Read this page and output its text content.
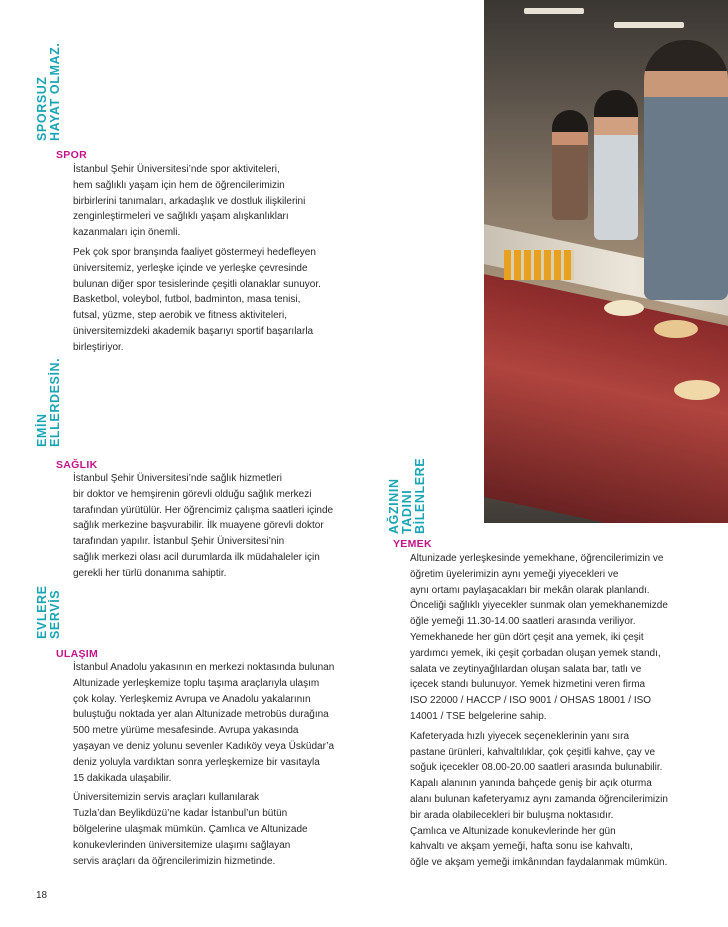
SPORSUZ HAYAT OLMAZ.
EMİN ELLERDESİN.
EVLERE SERVİS
AĞZININ TADINI BİLENLERE
SPOR

İstanbul Şehir Üniversitesi’nde spor aktiviteleri,
hem sağlıklı yaşam için hem de öğrencilerimizin
birbirlerini tanımaları, arkadaşlık ve dostluk ilişkilerini
zenginleştirmeleri ve sağlıklı yaşam alışkanlıkları
kazanmaları için önemli.

Pek çok spor branşında faaliyet göstermeyi hedefleyen
üniversitemiz, yerleşke içinde ve yerleşke çevresinde
bulunan diğer spor tesislerinde çeşitli olanaklar sunuyor.
Basketbol, voleybol, futbol, badminton, masa tenisi,
futsal, yüzme, step aerobik ve fitness aktiviteleri,
üniversitemizdeki akademik başarıyı sportif başarılarla
birleştiriyor.

SAĞLIK

İstanbul Şehir Üniversitesi’nde sağlık hizmetleri
bir doktor ve hemşirenin görevli olduğu sağlık merkezi
tarafından yürütülür. Her öğrencimiz çalışma saatleri içinde
sağlık merkezine başvurabilir. İlk muayene görevli doktor
tarafından yapılır. İstanbul Şehir Üniversitesi’nin
sağlık merkezi olası acil durumlarda ilk müdahaleler için
gerekli her türlü donanıma sahiptir.

ULAŞIM

İstanbul Anadolu yakasının en merkezi noktasında bulunan
Altunizade yerleşkemize toplu taşıma araçlarıyla ulaşım
çok kolay. Yerleşkemiz Avrupa ve Anadolu yakalarının
buluştuğu noktada yer alan Altunizade metrobüs durağına
500 metre yürüme mesafesinde. Avrupa yakasında
yaşayan ve deniz yolunu sevenler Kadıköy veya Üsküdar’a
deniz yoluyla vardıktan sonra yerleşkemize bir vasıtayla
15 dakikada ulaşabilir.

Üniversitemizin servis araçları kullanılarak
Tuzla’dan Beylikdüzü’ne kadar İstanbul’un bütün
bölgelerine ulaşmak mümkün. Çamlıca ve Altunizade
konukevlerinden üniversitemize ulaşımı sağlayan
servis araçları da öğrencilerimizin hizmetinde.

YEMEK

Altunizade yerleşkesinde yemekhane, öğrencilerimizin ve
öğretim üyelerimizin aynı yemeği yiyecekleri ve
aynı ortamı paylaşacakları bir mekân olarak planlandı.
Önceliği sağlıklı yiyecekler sunmak olan yemekhanemizde
öğle yemeği 11.30-14.00 saatleri arasında veriliyor.
Yemekhanede her gün dört çeşit ana yemek, iki çeşit
yardımcı yemek, iki çeşit çorbadan oluşan yemek standı,
salata ve zeytinyağlılardan oluşan salata bar, tatlı ve
içecek standı bulunuyor. Yemek hizmetini veren firma
ISO 22000 / HACCP / ISO 9001 / OHSAS 18001 / ISO
14001 / TSE belgelerine sahip.

Kafeteryada hızlı yiyecek seçeneklerinin yanı sıra
pastane ürünleri, kahvaltılıklar, çok çeşitli kahve, çay ve
soğuk içecekler 08.00-20.00 saatleri arasında bulunabilir.
Kapalı alanının yanında bahçede geniş bir açık oturma
alanı bulunan kafeteryamız aynı zamanda öğrencilerimizin
bir arada olabilecekleri bir buluşma noktasıdır.
Çamlıca ve Altunizade konukevlerinde her gün
kahvaltı ve akşam yemeği, hafta sonu ise kahvaltı,
öğle ve akşam yemeği imkânından faydalanmak mümkün.

18
